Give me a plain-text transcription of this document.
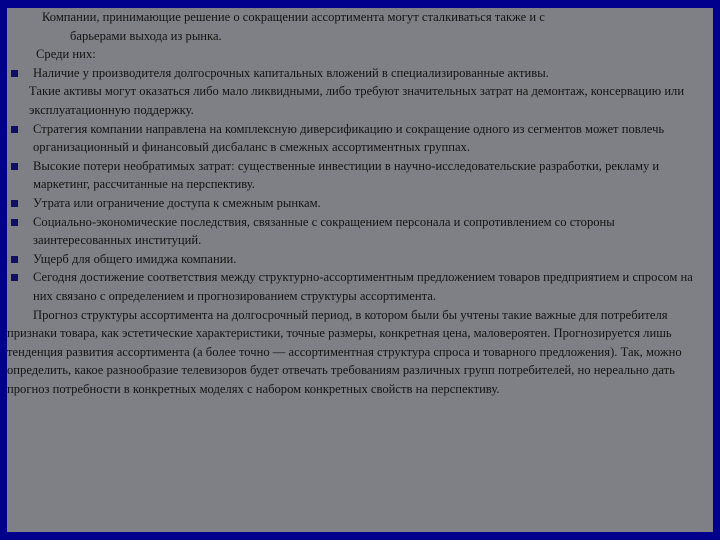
Компании, принимающие решение о сокращении ассортимента могут сталкиваться также и с
барьерами выхода из рынка.

Среди них:

Наличие у производителя долгосрочных капитальных вложений в специализированные активы.
Такие активы могут оказаться либо мало ликвидными, либо требуют значительных затрат на демонтаж, консервацию или эксплуатационную поддержку.

Стратегия компании направлена на комплексную диверсификацию и сокращение одного из сегментов может повлечь организационный и финансовый дисбаланс в смежных ассортиментных группах.

Высокие потери необратимых затрат: существенные инвестиции в научно-исследовательские разработки, рекламу и маркетинг, рассчитанные на перспективу.

Утрата или ограничение доступа к смежным рынкам.

Социально-экономические последствия, связанные с сокращением персонала и сопротивлением со стороны заинтересованных институций.

Ущерб для общего имиджа компании.

Сегодня достижение соответствия между структурно-ассортиментным предложением товаров предприятием и спросом на них связано с определением и прогнозированием структуры ассортимента.

Прогноз структуры ассортимента на долгосрочный период, в котором были бы учтены такие важные для потребителя признаки товара, как эстетические характеристики, точные размеры, конкретная цена, маловероятен. Прогнозируется лишь тенденция развития ассортимента (а более точно — ассортиментная структура спроса и товарного предложения). Так, можно определить, какое разнообразие телевизоров будет отвечать требованиям различных групп потребителей, но нереально дать прогноз потребности в конкретных моделях с набором конкретных свойств на перспективу.
